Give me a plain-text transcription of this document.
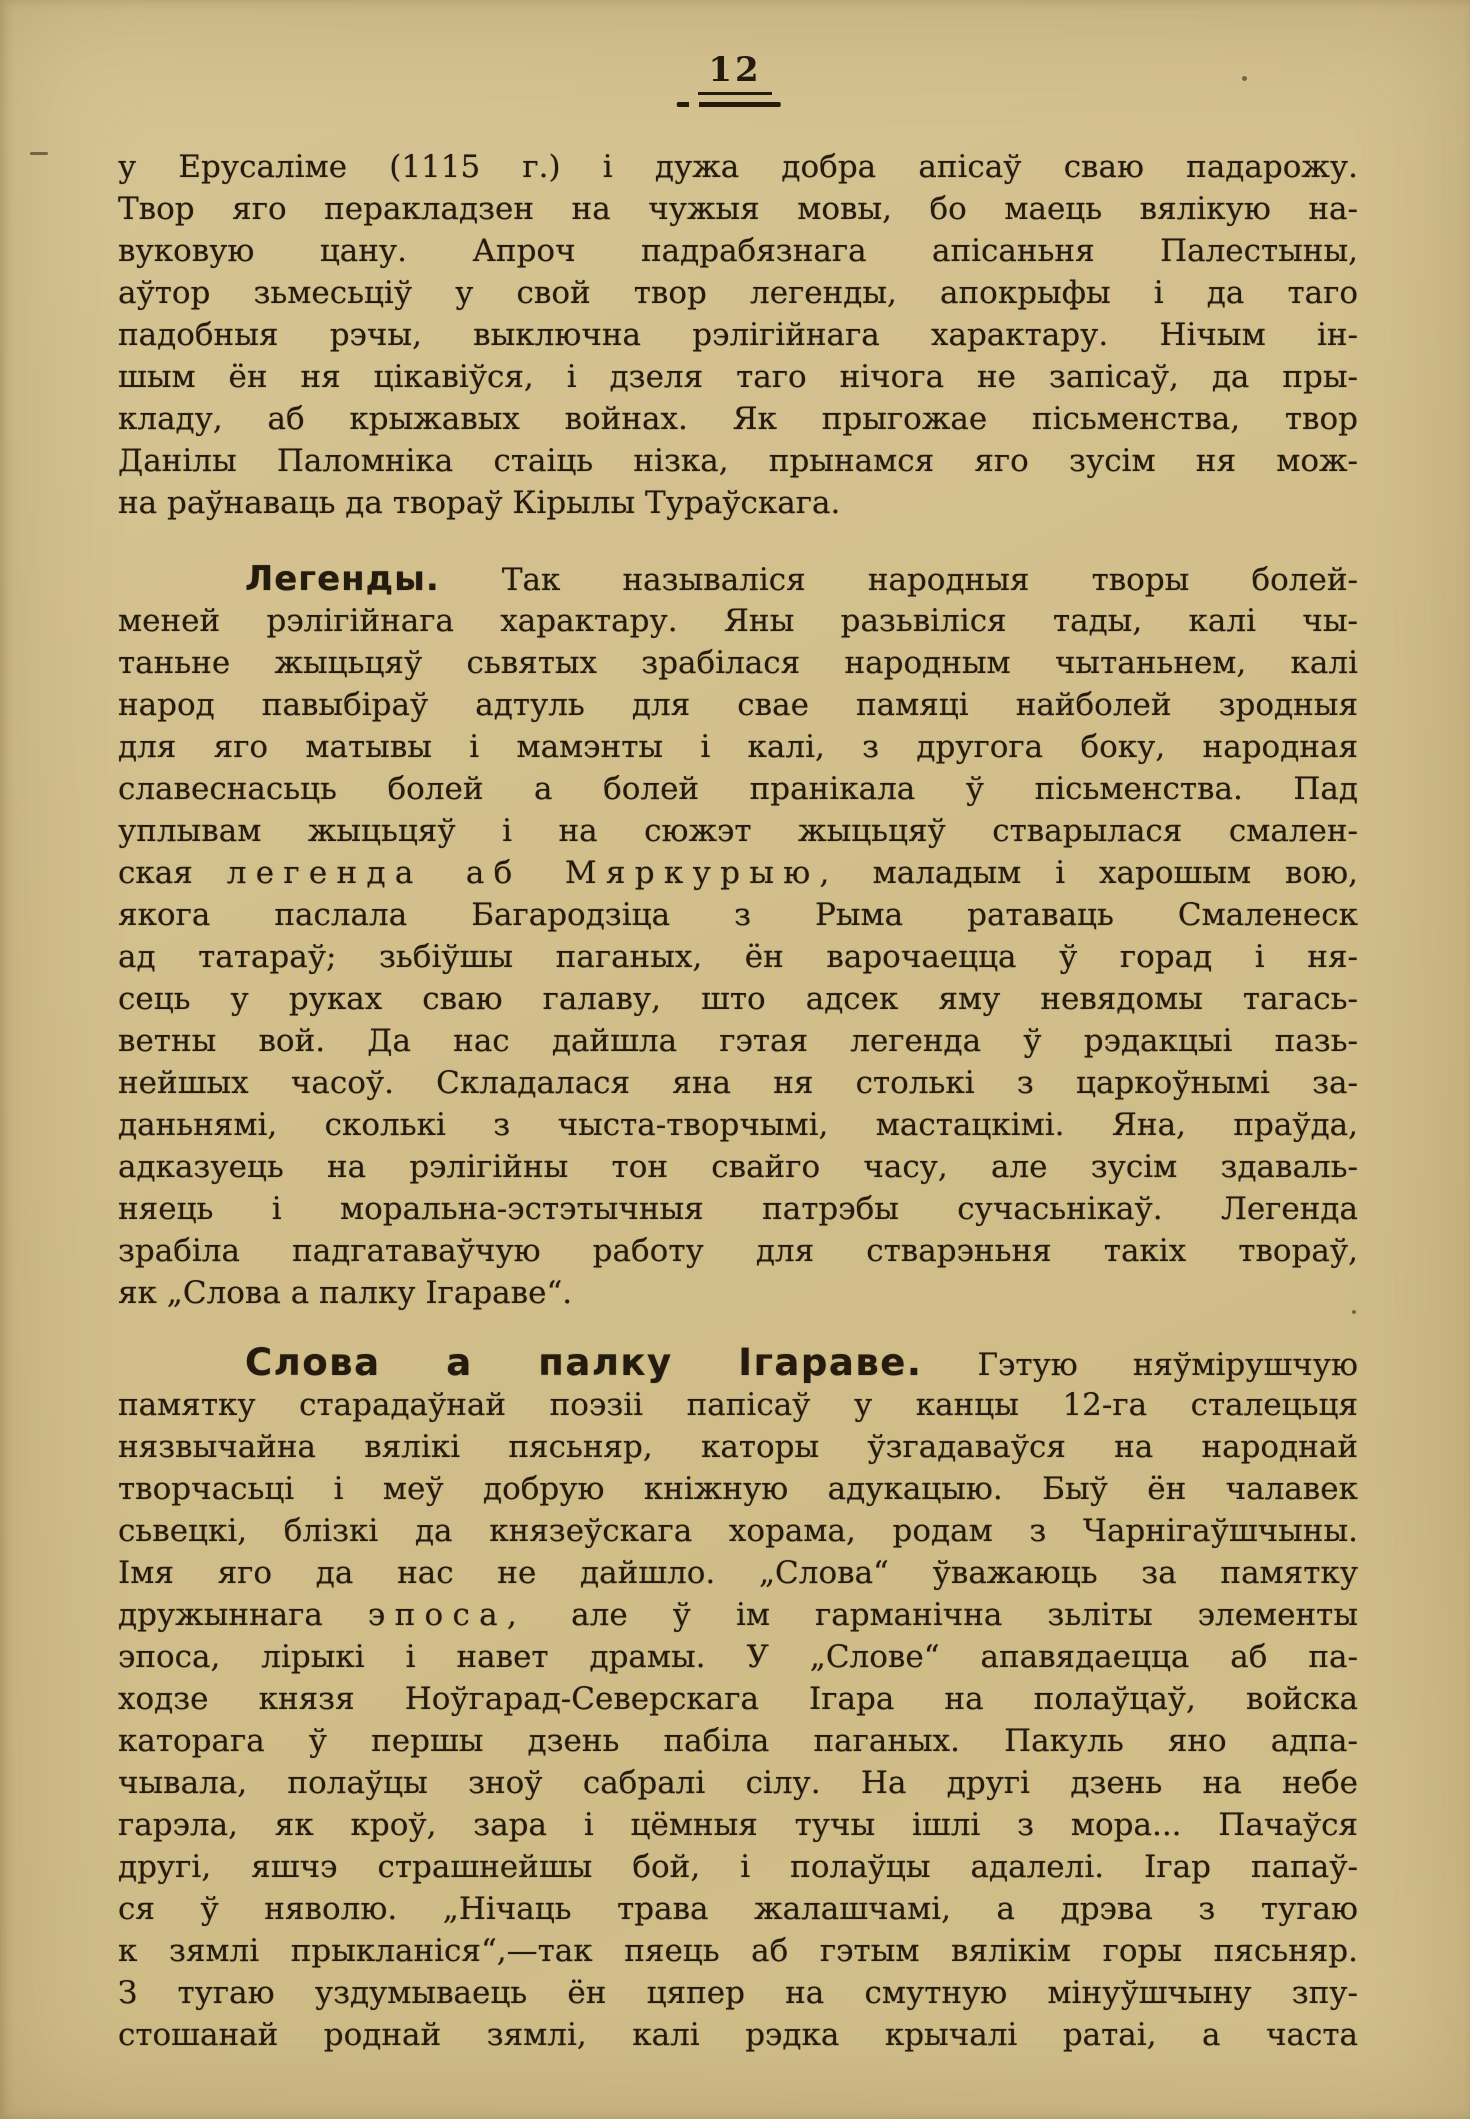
12
у Ерусаліме (1115 г.) і дужа добра апісаў сваю падарожу.
Твор яго перакладзен на чужыя мовы, бо маець вялікую на-
вуковую цану. Апроч падрабязнага апісаньня Палестыны,
аўтор зьмесьціў у свой твор легенды, апокрыфы і да таго
падобныя рэчы, выключна рэлігійнага характару. Нічым ін-
шым ён ня цікавіўся, і дзеля таго нічога не запісаў, да пры-
кладу, аб крыжавых войнах. Як прыгожае пісьменства, твор
Данілы Паломніка стаіць нізка, прынамся яго зусім ня мож-
на раўнаваць да твораў Кірылы Тураўскага.
Легенды. Так называліся народныя творы болей-
меней рэлігійнага характару. Яны разьвіліся тады, калі чы-
таньне жыцьцяў сьвятых зрабілася народным чытаньнем, калі
народ павыбіраў адтуль для свае памяці найболей зродныя
для яго матывы і мамэнты і калі, з другога боку, народная
славеснасьць болей а болей пранікала ў пісьменства. Пад
уплывам жыцьцяў і на сюжэт жыцьцяў стварылася смален-
ская легенда аб Мяркурыю, маладым і харошым вою,
якога паслала Багародзіца з Рыма ратаваць Смаленеск
ад татараў; зьбіўшы паганых, ён варочаецца ў горад і ня-
сець у руках сваю галаву, што адсек яму невядомы тагась-
ветны вой. Да нас дайшла гэтая легенда ў рэдакцыі пазь-
нейшых часоў. Складалася яна ня столькі з царкоўнымі за-
даньнямі, сколькі з чыста-творчымі, мастацкімі. Яна, праўда,
адказуець на рэлігійны тон свайго часу, але зусім здаваль-
няець і моральна-эстэтычныя патрэбы сучасьнікаў. Легенда
зрабіла падгатаваўчую работу для стварэньня такіх твораў,
як „Слова а палку Ігараве“.
Слова а палку Ігараве. Гэтую няўмірушчую
памятку старадаўнай поэзіі папісаў у канцы 12-га сталецьця
нязвычайна вялікі пясьняр, каторы ўзгадаваўся на народнай
творчасьці і меў добрую кніжную адукацыю. Быў ён чалавек
сьвецкі, блізкі да князеўскага хорама, родам з Чарнігаўшчыны.
Імя яго да нас не дайшло. „Слова“ ўважаюць за памятку
дружыннага эпоса, але ў ім гарманічна зьліты элементы
эпоса, лірыкі і навет драмы. У „Слове“ апавядаецца аб па-
ходзе князя Ноўгарад-Северскага Ігара на полаўцаў, войска
каторага ў першы дзень пабіла паганых. Пакуль яно адпа-
чывала, полаўцы зноў сабралі сілу. На другі дзень на небе
гарэла, як кроў, зара і цёмныя тучы ішлі з мора... Пачаўся
другі, яшчэ страшнейшы бой, і полаўцы адалелі. Ігар папаў-
ся ў няволю. „Нічаць трава жалашчамі, а дрэва з тугаю
к зямлі прыкланіся“,—так пяець аб гэтым вялікім горы пясьняр.
З тугаю уздумываець ён цяпер на смутную мінуўшчыну зпу-
стошанай роднай зямлі, калі рэдка крычалі ратаі, а часта
